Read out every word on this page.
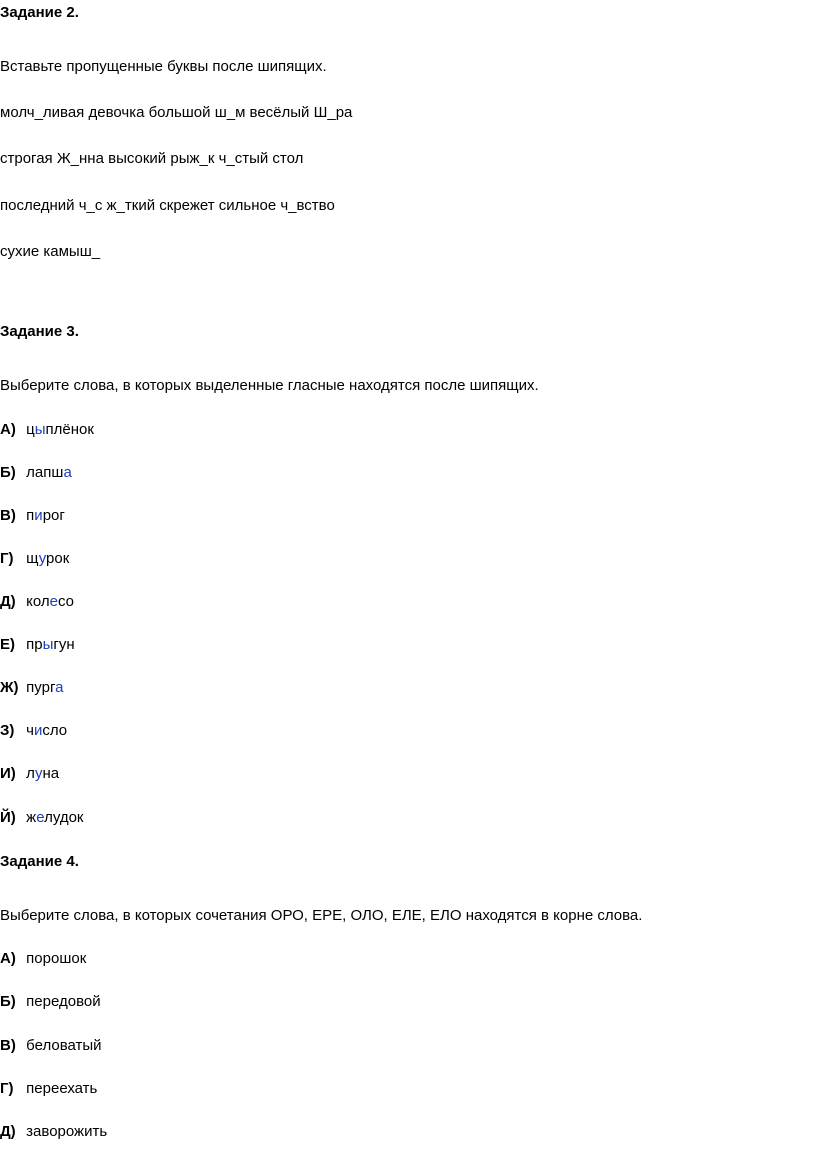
Задание 2.
Вставьте пропущенные буквы после шипящих.
молч_ливая девочка большой ш_м весёлый Ш_ра
строгая Ж_нна высокий рыж_к ч_стый стол
последний ч_с ж_ткий скрежет сильное ч_вство
сухие камыш_
Задание 3.
Выберите слова, в которых выделенные гласные находятся после шипящих.
А) цыплёнок
Б) лапша
В) пирог
Г) щурок
Д) колесо
Е) прыгун
Ж) пурга
З) число
И) луна
Й) желудок
Задание 4.
Выберите слова, в которых сочетания ОРО, ЕРЕ, ОЛО, ЕЛЕ, ЕЛО находятся в корне слова.
А) порошок
Б) передовой
В) беловатый
Г) переехать
Д) заворожить
